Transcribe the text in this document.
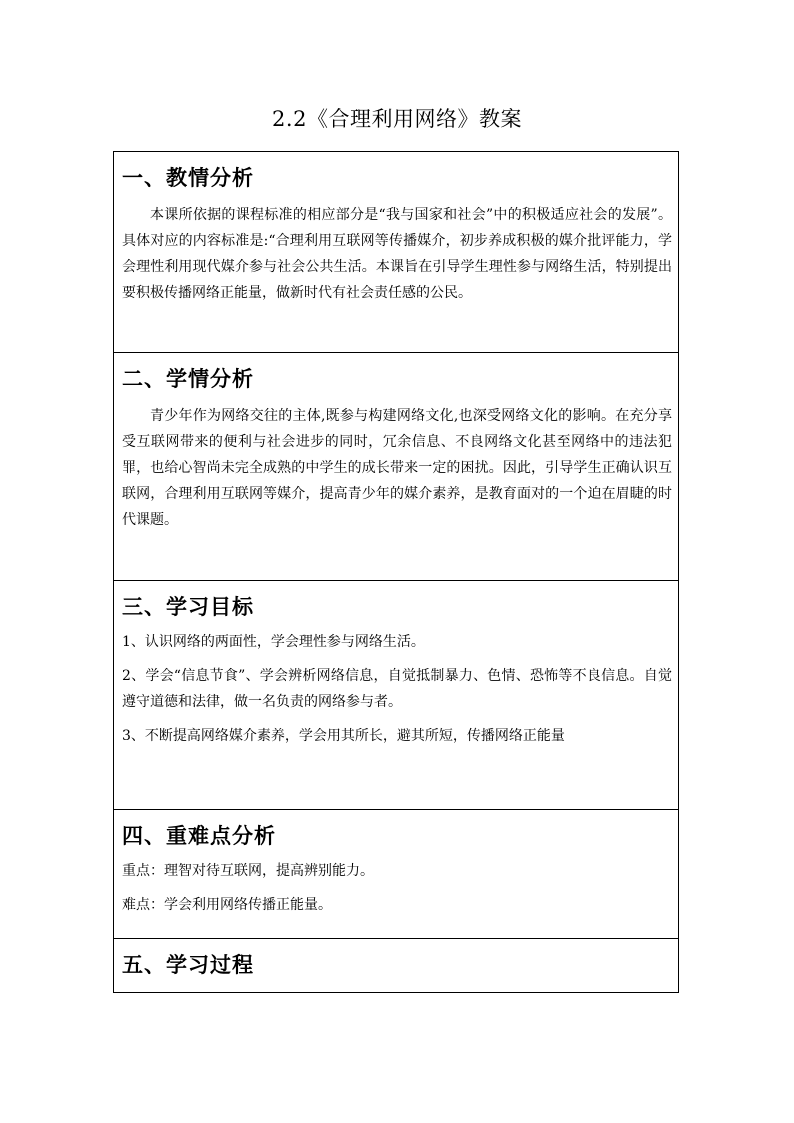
2.2《合理利用网络》教案
一、教情分析
本课所依据的课程标准的相应部分是“我与国家和社会”中的积极适应社会的发展”。具体对应的内容标准是:“合理利用互联网等传播媒介，初步养成积极的媒介批评能力，学会理性利用现代媒介参与社会公共生活。本课旨在引导学生理性参与网络生活，特别提出要积极传播网络正能量，做新时代有社会责任感的公民。
二、学情分析
青少年作为网络交往的主体,既参与构建网络文化,也深受网络文化的影响。在充分享受互联网带来的便利与社会进步的同时，冗余信息、不良网络文化甚至网络中的违法犯罪，也给心智尚未完全成熟的中学生的成长带来一定的困扰。因此，引导学生正确认识互联网，合理利用互联网等媒介，提高青少年的媒介素养，是教育面对的一个迫在眉睫的时代课题。
三、学习目标
1、认识网络的两面性，学会理性参与网络生活。
2、学会“信息节食”、学会辨析网络信息，自觉抵制暴力、色情、恐怖等不良信息。自觉遵守道德和法律，做一名负责的网络参与者。
3、不断提高网络媒介素养，学会用其所长，避其所短，传播网络正能量
四、重难点分析
重点：理智对待互联网，提高辨别能力。
难点：学会利用网络传播正能量。
五、学习过程
